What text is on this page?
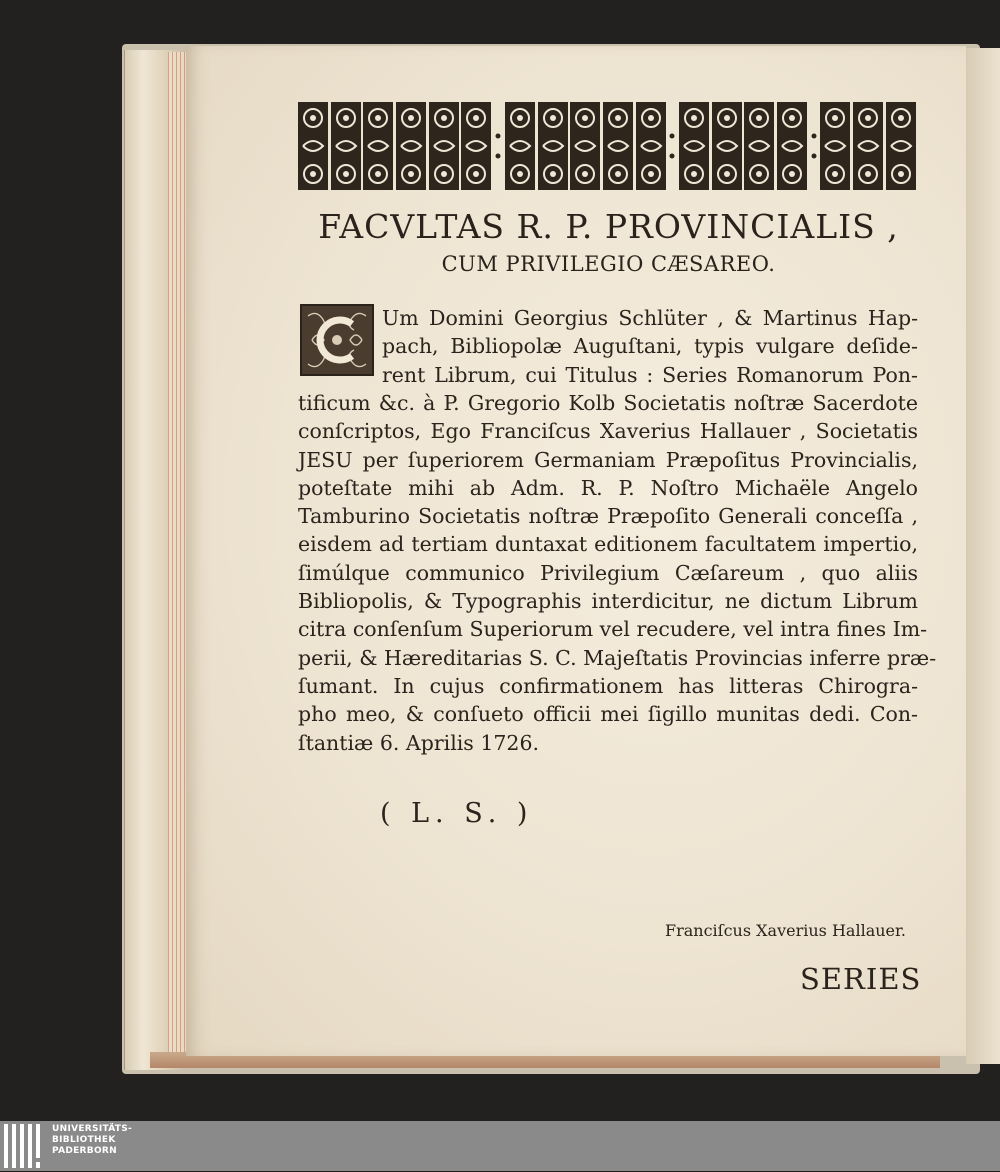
FACVLTAS R. P. PROVINCIALIS ,
CUM PRIVILEGIO CÆSAREO.
Um Domini Georgius Schlüter , & Martinus Hap-
pach, Bibliopolæ Auguſtani, typis vulgare deſide-
rent Librum, cui Titulus : Series Romanorum Pon-
tificum &c. à P. Gregorio Kolb Societatis noſtræ Sacerdote
conſcriptos, Ego Franciſcus Xaverius Hallauer , Societatis
JESU per ſuperiorem Germaniam Præpoſitus Provincialis,
poteſtate mihi ab Adm. R. P. Noſtro Michaële Angelo
Tamburino Societatis noſtræ Præpoſito Generali conceſſa ,
eisdem ad tertiam duntaxat editionem facultatem impertio,
ſimúlque communico Privilegium Cæſareum , quo aliis
Bibliopolis, & Typographis interdicitur, ne dictum Librum
citra conſenſum Superiorum vel recudere, vel intra fines Im-
perii, & Hæreditarias S. C. Majeſtatis Provincias inferre præ-
ſumant. In cujus confirmationem has litteras Chirogra-
pho meo, & conſueto officii mei ſigillo munitas dedi. Con-
ſtantiæ 6. Aprilis 1726.
( L. S. )
Franciſcus Xaverius Hallauer.
SERIES
UNIVERSITÄTS-
BIBLIOTHEK
PADERBORN
